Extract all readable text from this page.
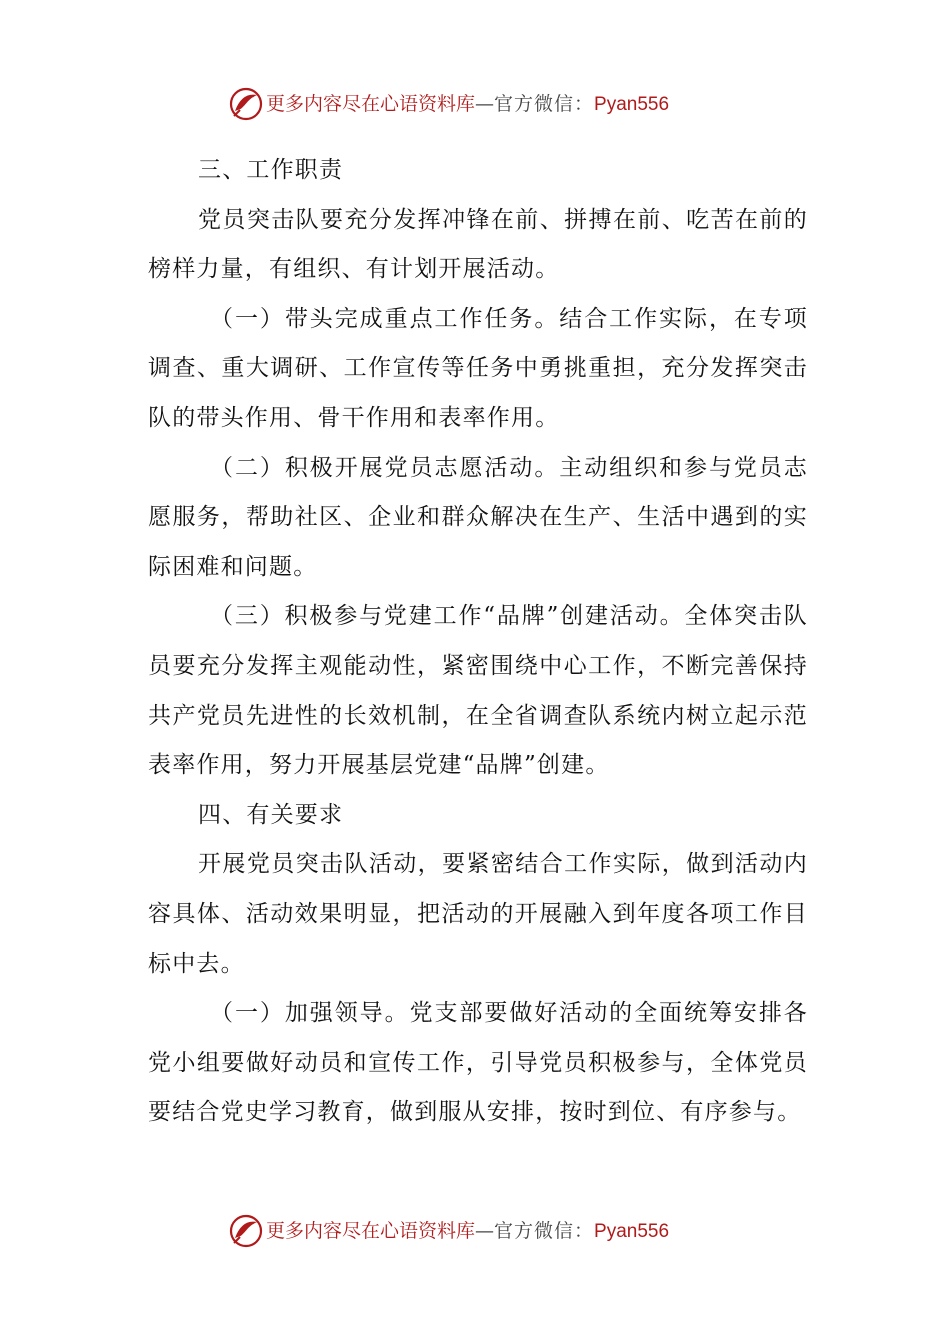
更多内容尽在心语资料库—官方微信：Pyan556

三、工作职责

党员突击队要充分发挥冲锋在前、拼搏在前、吃苦在前的榜样力量，有组织、有计划开展活动。

（一）带头完成重点工作任务。结合工作实际，在专项调查、重大调研、工作宣传等任务中勇挑重担，充分发挥突击队的带头作用、骨干作用和表率作用。

（二）积极开展党员志愿活动。主动组织和参与党员志愿服务，帮助社区、企业和群众解决在生产、生活中遇到的实际困难和问题。

（三）积极参与党建工作“品牌”创建活动。全体突击队员要充分发挥主观能动性，紧密围绕中心工作，不断完善保持共产党员先进性的长效机制，在全省调查队系统内树立起示范表率作用，努力开展基层党建“品牌”创建。

四、有关要求

开展党员突击队活动，要紧密结合工作实际，做到活动内容具体、活动效果明显，把活动的开展融入到年度各项工作目标中去。

（一）加强领导。党支部要做好活动的全面统筹安排各党小组要做好动员和宣传工作，引导党员积极参与，全体党员要结合党史学习教育，做到服从安排，按时到位、有序参与。

更多内容尽在心语资料库—官方微信：Pyan556
